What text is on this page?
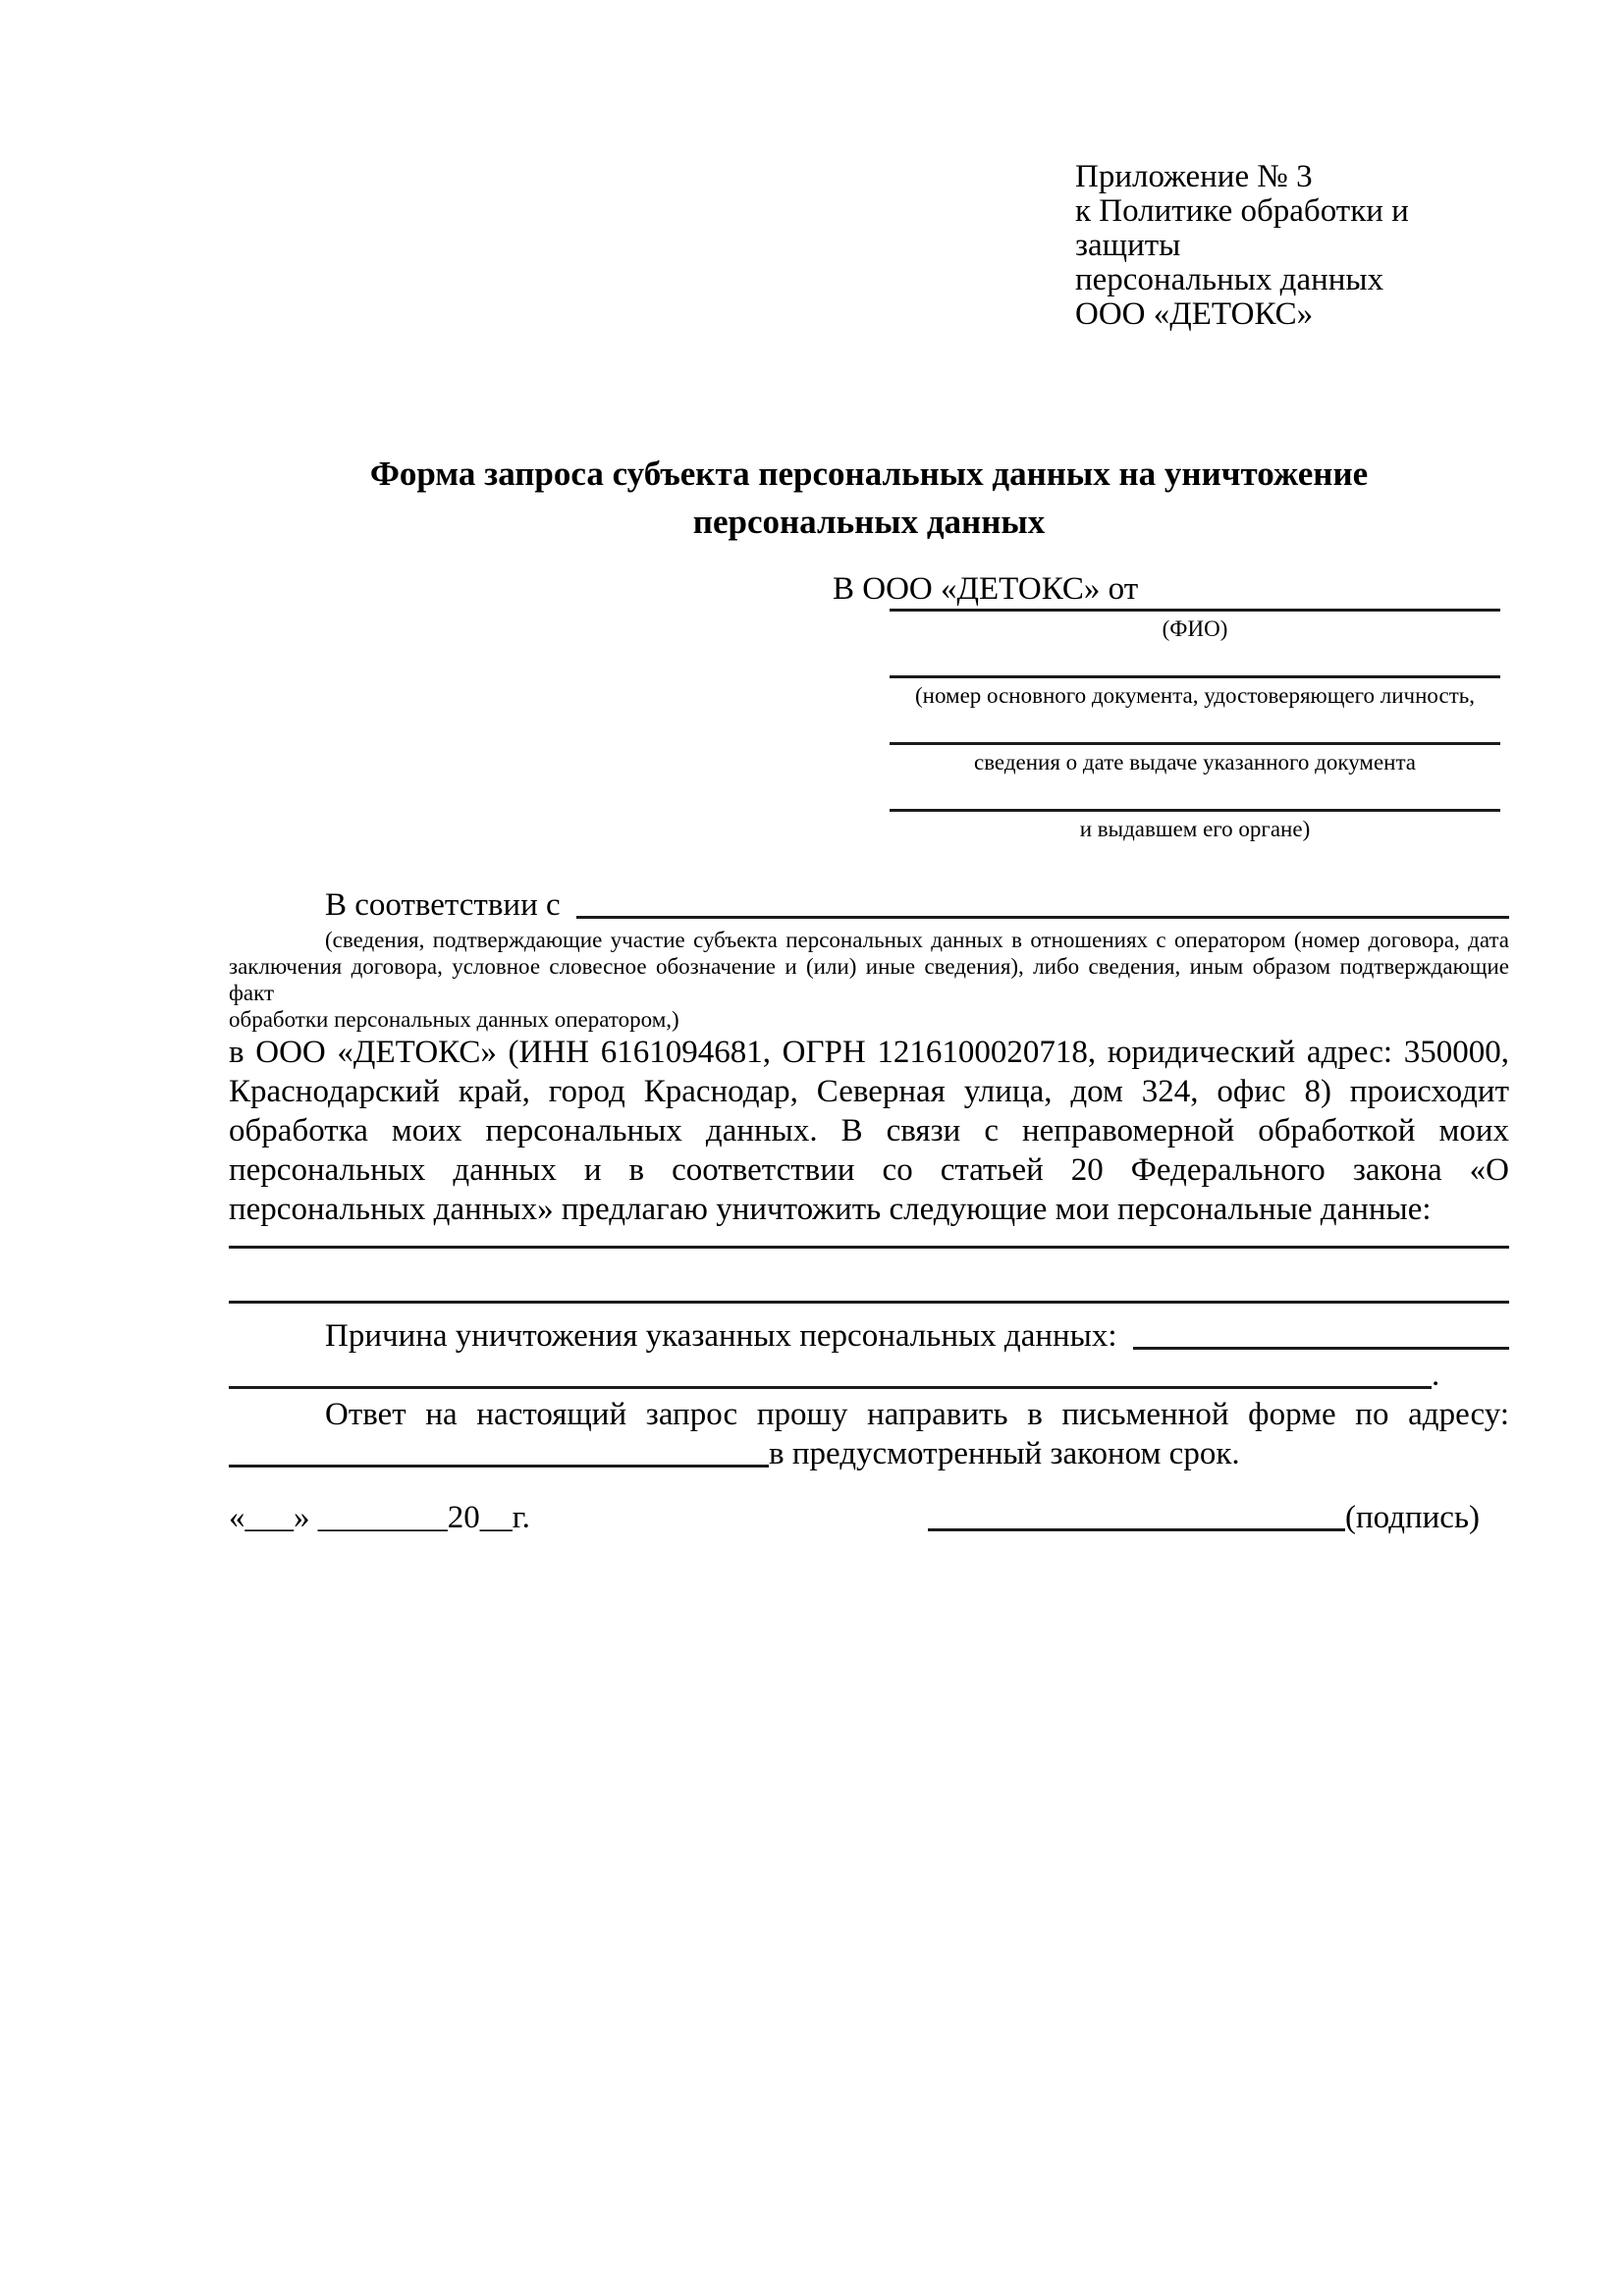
Приложение № 3
к Политике обработки и защиты
персональных данных
ООО «ДЕТОКС»
Форма запроса субъекта персональных данных на уничтожение
персональных данных
В ООО «ДЕТОКС» от
(ФИО)
(номер основного документа, удостоверяющего личность,
сведения о дате выдаче указанного документа
и выдавшем его органе)
В соответствии с
(сведения, подтверждающие участие субъекта персональных данных в отношениях с оператором (номер договора, дата
заключения договора, условное словесное обозначение и (или) иные сведения), либо сведения, иным образом подтверждающие факт
обработки персональных данных оператором,)
в ООО «ДЕТОКС» (ИНН 6161094681, ОГРН 1216100020718, юридический адрес: 350000,
Краснодарский край, город Краснодар, Северная улица, дом 324, офис 8) происходит
обработка моих персональных данных. В связи с неправомерной обработкой моих
персональных данных и в соответствии со статьей 20 Федерального закона «О
персональных данных» предлагаю уничтожить следующие мои персональные данные:
Причина уничтожения указанных персональных данных:
.
Ответ на настоящий запрос прошу направить в письменной форме по адресу:
в предусмотренный законом срок.
«___» ________20__г.	(подпись)
